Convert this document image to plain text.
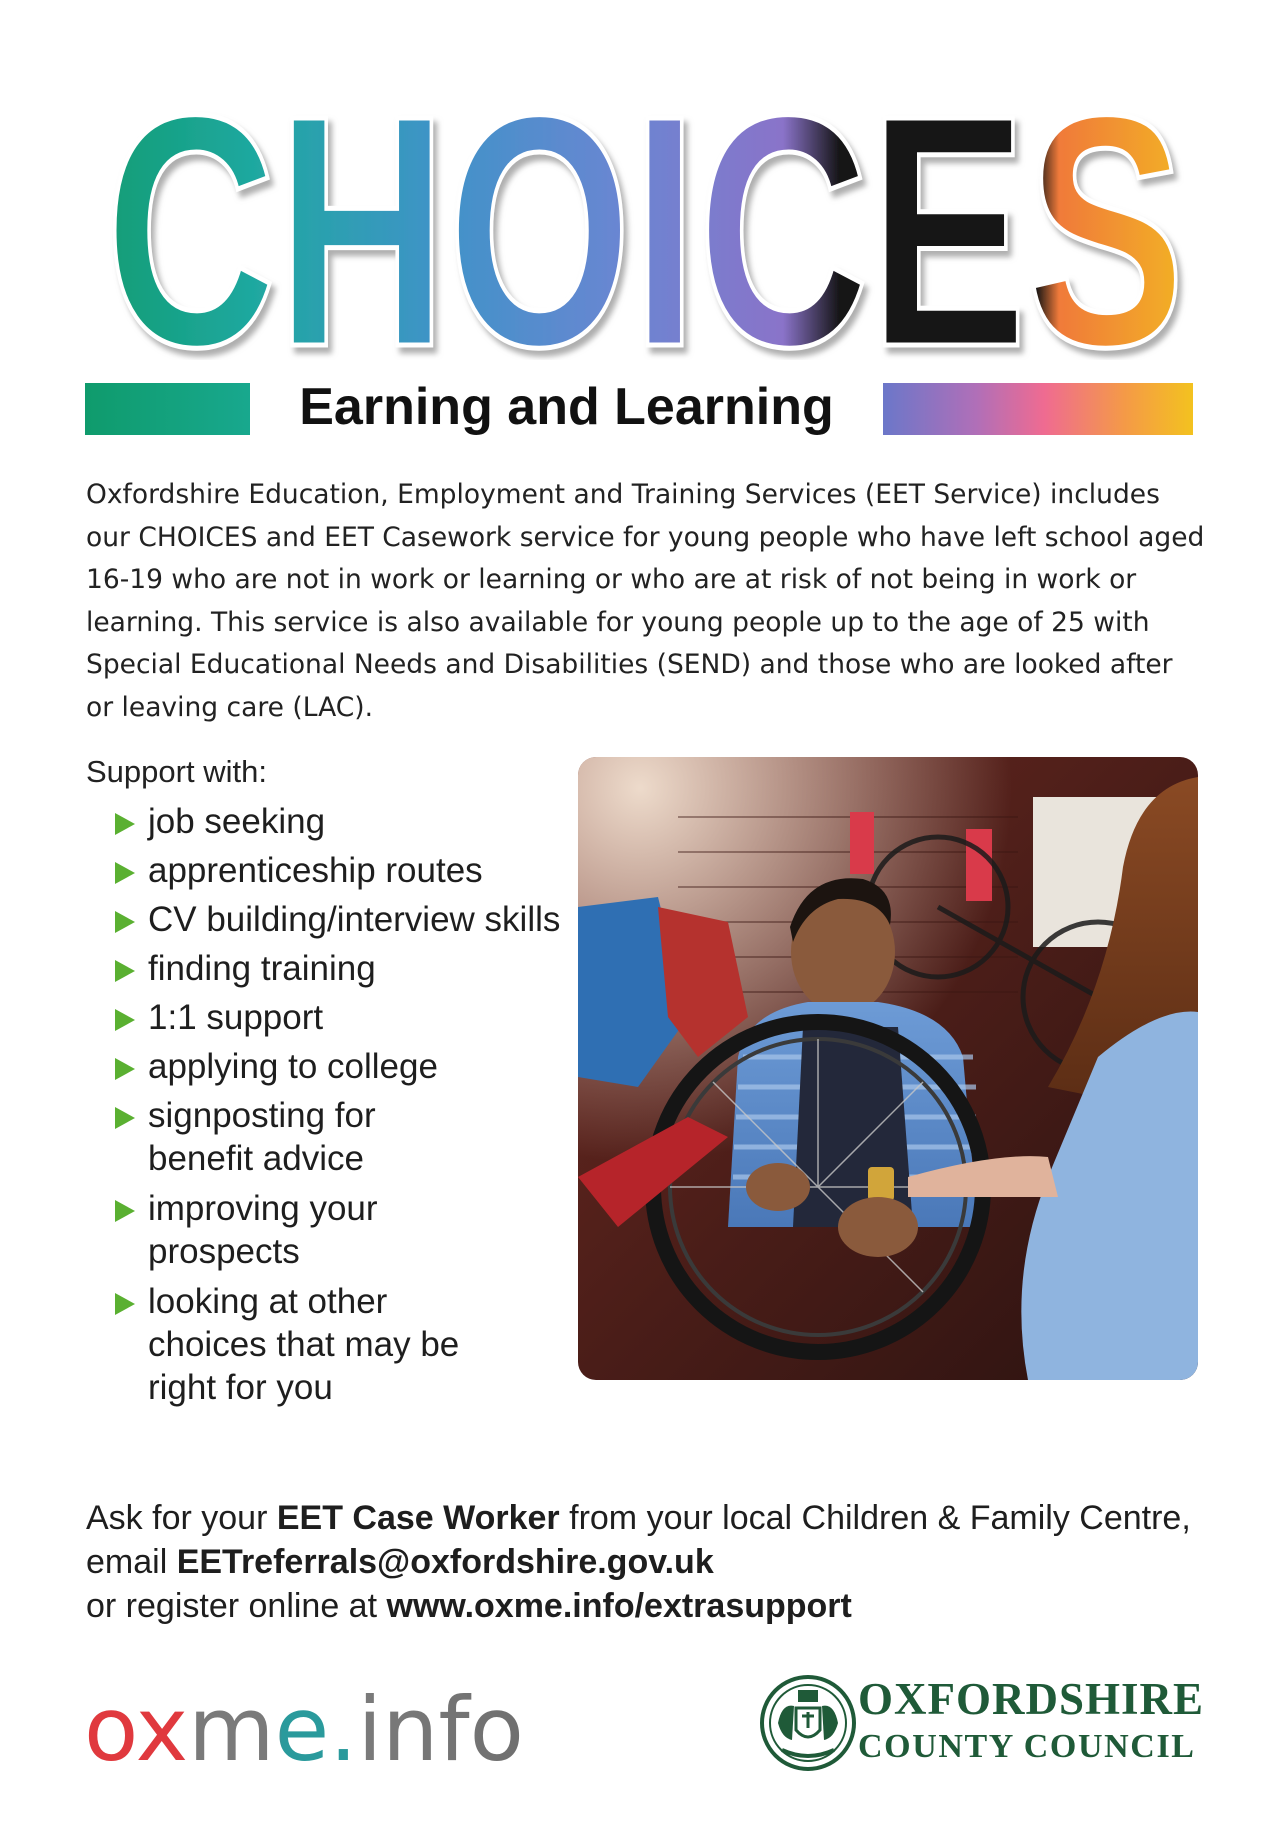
CHOICES
Earning and Learning

Oxfordshire Education, Employment and Training Services (EET Service) includes our CHOICES and EET Casework service for young people who have left school aged 16-19 who are not in work or learning or who are at risk of not being in work or learning. This service is also available for young people up to the age of 25 with Special Educational Needs and Disabilities (SEND) and those who are looked after or leaving care (LAC).

Support with:
job seeking
apprenticeship routes
CV building/interview skills
finding training
1:1 support
applying to college
signposting for
benefit advice
improving your
prospects
looking at other
choices that may be
right for you
Ask for your EET Case Worker from your local Children & Family Centre,
email EETreferrals@oxfordshire.gov.uk
or register online at www.oxme.info/extrasupport
oxme.info	OXFORDSHIRE
COUNTY COUNCIL
